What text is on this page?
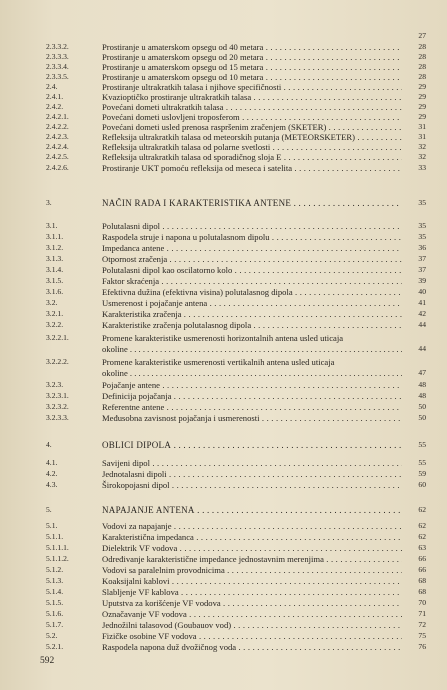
27
2.3.3.2.	Prostiranje u amaterskom opsegu od 40 metara . . .	28
2.3.3.3.	Prostiranje u amaterskom opsegu od 20 metara . . .	28
2.3.3.4.	Prostiranje u amaterskom opsegu od 15 metara . . .	28
2.3.3.5.	Prostiranje u amaterskom opsegu od 10 metara . . .	28
2.4.	Prostiranje ultrakratkih talasa i njihove specifičnosti . . .	29
2.4.1.	Kvazioptičko prostiranje ultrakratkih talasa . . .	29
2.4.2.	Povećani dometi ultrakratkih talasa . . .	29
2.4.2.1.	Povećani dometi uslovljeni troposferom . . .	29
2.4.2.2.	Povećani dometi usled prenosa raspršenim zračenjem (SKETER) . . .	31
2.4.2.3.	Refleksija ultrakratkih talasa od meteorskih putanja (METEORSKETER) . . .	31
2.4.2.4.	Refleksija ultrakratkih talasa od polarne svetlosti . . .	32
2.4.2.5.	Refleksija ultrakratkih talasa od sporadičnog sloja E . . .	32
2.4.2.6.	Prostiranje UKT pomoću refleksija od meseca i satelita . . .	33
3.	NAČIN RADA I KARAKTERISTIKA ANTENE . . .	35
3.1.	Polutalasni dipol . . .	35
3.1.1.	Raspodela struje i napona u polutalasnom dipolu . . .	35
3.1.2.	Impedanca antene . . .	36
3.1.3.	Otpornost zračenja . . .	37
3.1.4.	Polutalasni dipol kao oscilatorno kolo . . .	37
3.1.5.	Faktor skraćenja . . .	39
3.1.6.	Efektivna dužina (efektivna visina) polutalasnog dipola . . .	40
3.2.	Usmerenost i pojačanje antena . . .	41
3.2.1.	Karakteristika zračenja . . .	42
3.2.2.	Karakteristike zračenja polutalasnog dipola . . .	44
3.2.2.1.	Promene karakteristike usmerenosti horizontalnih antena usled uticaja
okoline . . .	44
3.2.2.2.	Promene karakteristike usmerenosti vertikalnih antena usled uticaja
okoline . . .	47
3.2.3.	Pojačanje antene . . .	48
3.2.3.1.	Definicija pojačanja . . .	48
3.2.3.2.	Referentne antene . . .	50
3.2.3.3.	Međusobna zavisnost pojačanja i usmerenosti . . .	50
4.	OBLICI DIPOLA . . .	55
4.1.	Savijeni dipol . . .	55
4.2.	Jednotalasni dipoli . . .	59
4.3.	Širokopojasni dipol . . .	60
5.	NAPAJANJE ANTENA . . .	62
5.1.	Vodovi za napajanje . . .	62
5.1.1.	Karakteristična impedanca . . .	62
5.1.1.1.	Dielektrik VF vodova . . .	63
5.1.1.2.	Određivanje karakteristične impedance jednostavnim merenjima . . .	66
5.1.2.	Vodovi sa paralelnim provodnicima . . .	66
5.1.3.	Koaksijalni kablovi . . .	68
5.1.4.	Slabljenje VF kablova . . .	68
5.1.5.	Uputstva za korišćenje VF vodova . . .	70
5.1.6.	Označavanje VF vodova . . .	71
5.1.7.	Jednožilni talasovod (Goubauov vod) . . .	72
5.2.	Fizičke osobine VF vodova . . .	75
5.2.1.	Raspodela napona duž dvožičnog voda . . .	76
592
